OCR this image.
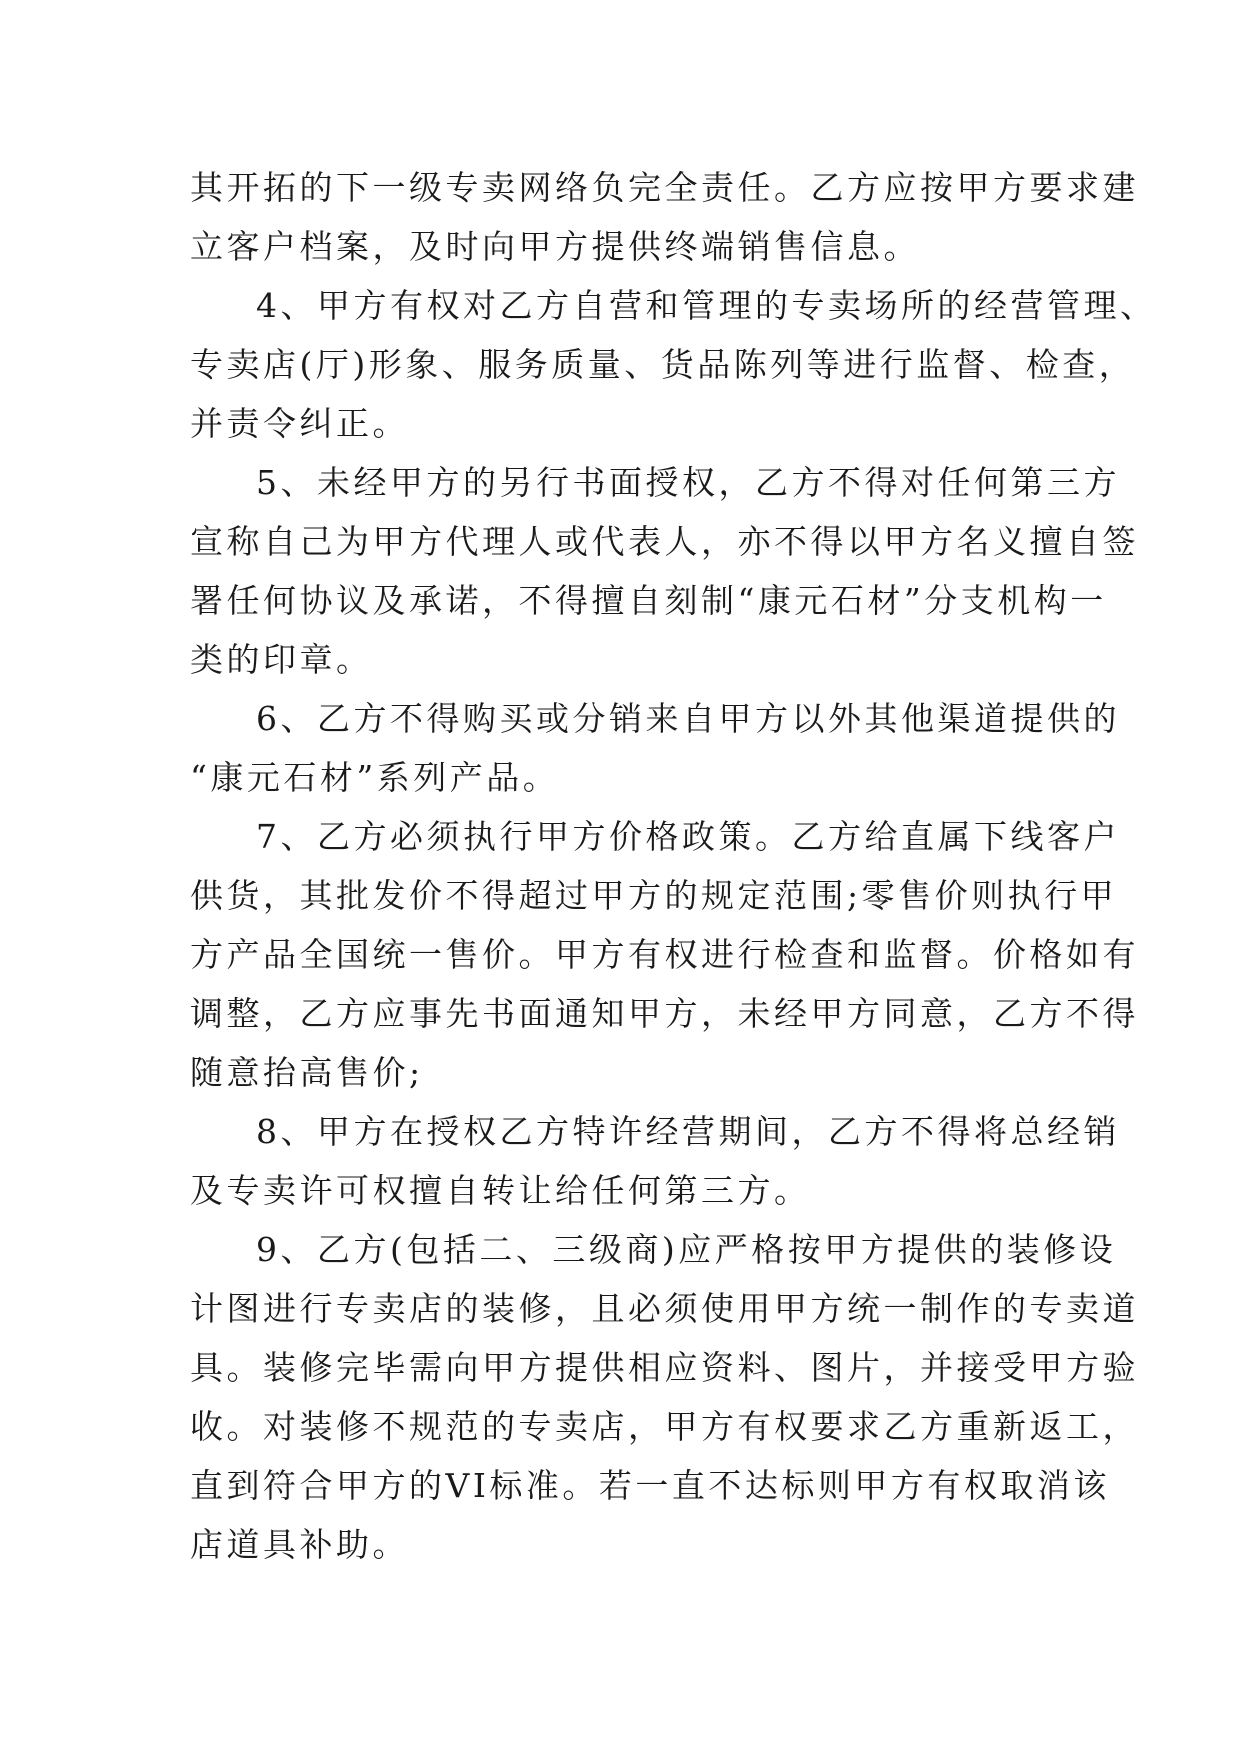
其开拓的下一级专卖网络负完全责任。乙方应按甲方要求建
立客户档案，及时向甲方提供终端销售信息。
4、甲方有权对乙方自营和管理的专卖场所的经营管理、
专卖店(厅)形象、服务质量、货品陈列等进行监督、检查，
并责令纠正。
5、未经甲方的另行书面授权，乙方不得对任何第三方
宣称自己为甲方代理人或代表人，亦不得以甲方名义擅自签
署任何协议及承诺，不得擅自刻制“康元石材”分支机构一
类的印章。
6、乙方不得购买或分销来自甲方以外其他渠道提供的
“康元石材”系列产品。
7、乙方必须执行甲方价格政策。乙方给直属下线客户
供货，其批发价不得超过甲方的规定范围;零售价则执行甲
方产品全国统一售价。甲方有权进行检查和监督。价格如有
调整，乙方应事先书面通知甲方，未经甲方同意，乙方不得
随意抬高售价;
8、甲方在授权乙方特许经营期间，乙方不得将总经销
及专卖许可权擅自转让给任何第三方。
9、乙方(包括二、三级商)应严格按甲方提供的装修设
计图进行专卖店的装修，且必须使用甲方统一制作的专卖道
具。装修完毕需向甲方提供相应资料、图片，并接受甲方验
收。对装修不规范的专卖店，甲方有权要求乙方重新返工，
直到符合甲方的VI标准。若一直不达标则甲方有权取消该
店道具补助。
